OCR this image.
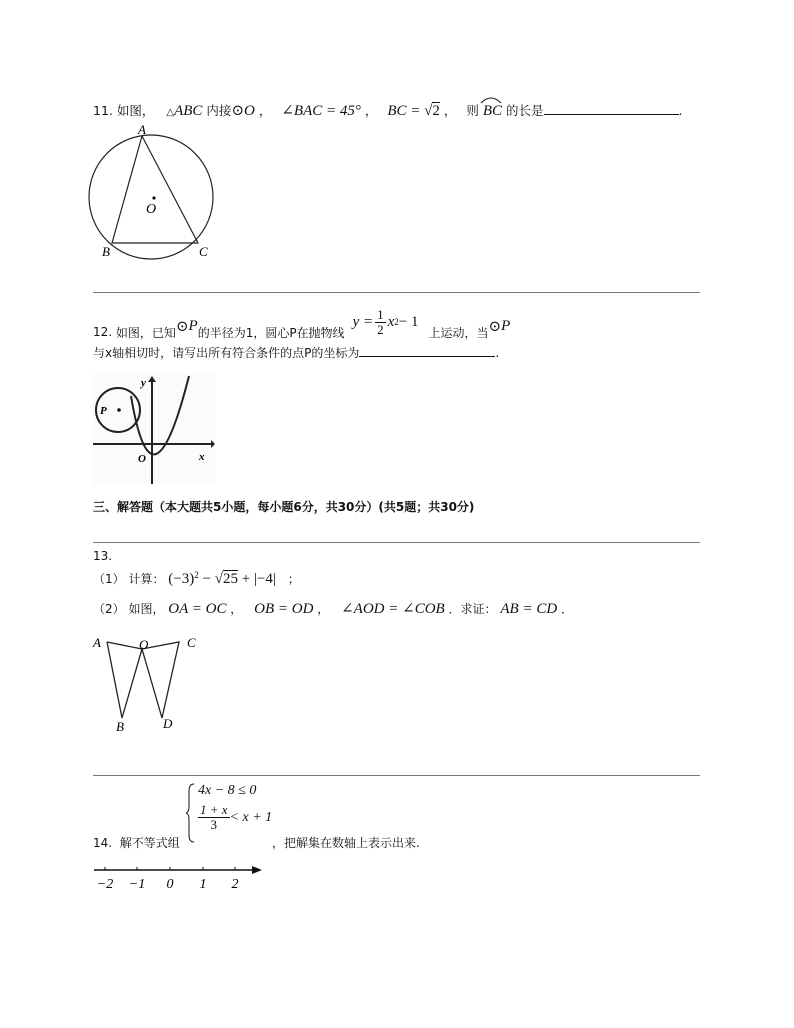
11. 如图， △ABC 内接⊙O ， ∠BAC = 45° ， BC = √2 ， 则 BC 的长是	.
A
B	C
O
12.
如图，已知 ⊙ P 的半径为1，圆心P在抛物线
$y = \frac{1}{2}$ x 2 − 1
上运动，当 ⊙ P
与x轴相切时，请写出所有符合条件的点P的坐标为	.
P
y
O	x
三、解答题（本大题共5小题，每小题6分，共30分）(共5题；共30分)
13.
（1） 计算： $(-3)^2 - √25 + |-4|$ ；
（2） 如图， OA = OC ， OB = OD ， ∠AOD = ∠COB ．求证： AB = CD ．
A	O	C
B	D
14. 解不等式组
4x − 8 ≤ 0
$\frac{1 + x}{3} < x + 1$
，把解集在数轴上表示出来.
−2 −1 0 1 2
